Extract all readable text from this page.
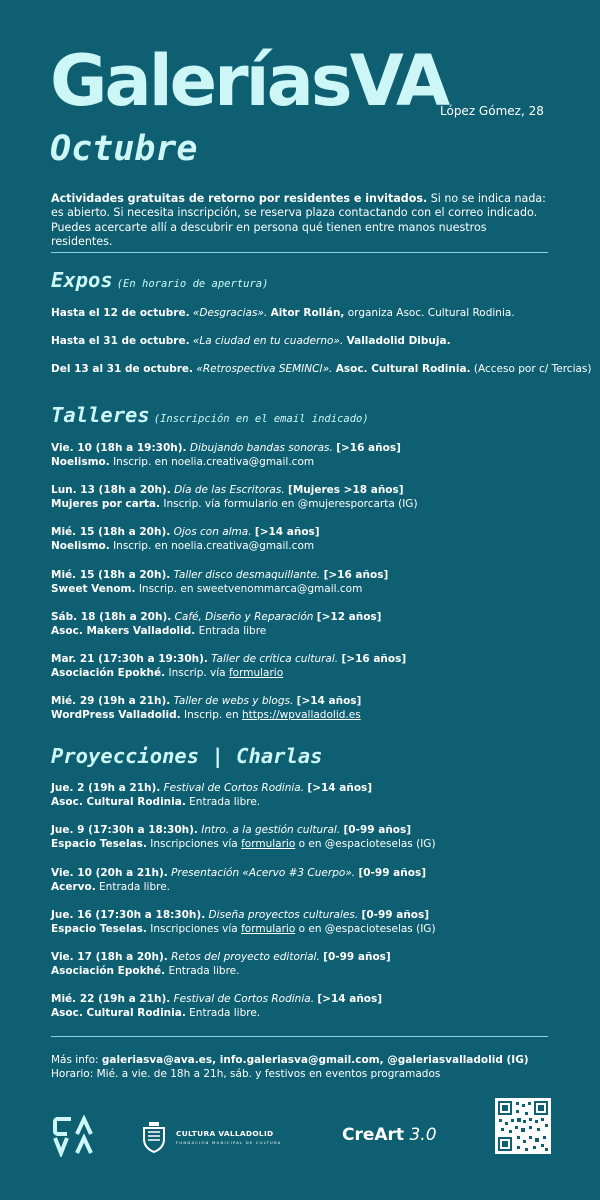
GaleríasVA
López Gómez, 28
Octubre
Actividades gratuitas de retorno por residentes e invitados. Si no se indica nada: es abierto. Si necesita inscripción, se reserva plaza contactando con el correo indicado. Puedes acercarte allí a descubrir en persona qué tienen entre manos nuestros residentes.
Expos (En horario de apertura)
Hasta el 12 de octubre. «Desgracias». Aitor Rollán, organiza Asoc. Cultural Rodinia.
Hasta el 31 de octubre. «La ciudad en tu cuaderno». Valladolid Dibuja.
Del 13 al 31 de octubre. «Retrospectiva SEMINCI». Asoc. Cultural Rodinia. (Acceso por c/ Tercias)
Talleres (Inscripción en el email indicado)
Vie. 10 (18h a 19:30h). Dibujando bandas sonoras. [>16 años]
Noelismo. Inscrip. en noelia.creativa@gmail.com
Lun. 13 (18h a 20h). Día de las Escritoras. [Mujeres >18 años]
Mujeres por carta. Inscrip. vía formulario en @mujeresporcarta (IG)
Mié. 15 (18h a 20h). Ojos con alma. [>14 años]
Noelismo. Inscrip. en noelia.creativa@gmail.com
Mié. 15 (18h a 20h). Taller disco desmaquillante. [>16 años]
Sweet Venom. Inscrip. en sweetvenommarca@gmail.com
Sáb. 18 (18h a 20h). Café, Diseño y Reparación [>12 años]
Asoc. Makers Valladolid. Entrada libre
Mar. 21 (17:30h a 19:30h). Taller de crítica cultural. [>16 años]
Asociación Epokhé. Inscrip. vía formulario
Mié. 29 (19h a 21h). Taller de webs y blogs. [>14 años]
WordPress Valladolid. Inscrip. en https://wpvalladolid.es
Proyecciones | Charlas
Jue. 2 (19h a 21h). Festival de Cortos Rodinia. [>14 años]
Asoc. Cultural Rodinia. Entrada libre.
Jue. 9 (17:30h a 18:30h). Intro. a la gestión cultural. [0-99 años]
Espacio Teselas. Inscripciones vía formulario o en @espacioteselas (IG)
Vie. 10 (20h a 21h). Presentación «Acervo #3 Cuerpo». [0-99 años]
Acervo. Entrada libre.
Jue. 16 (17:30h a 18:30h). Diseña proyectos culturales. [0-99 años]
Espacio Teselas. Inscripciones vía formulario o en @espacioteselas (IG)
Vie. 17 (18h a 20h). Retos del proyecto editorial. [0-99 años]
Asociación Epokhé. Entrada libre.
Mié. 22 (19h a 21h). Festival de Cortos Rodinia. [>14 años]
Asoc. Cultural Rodinia. Entrada libre.
Más info: galeriasva@ava.es, info.galeriasva@gmail.com, @galeriasvalladolid (IG)
Horario: Mié. a vie. de 18h a 21h, sáb. y festivos en eventos programados
CULTURA VALLADOLID
FUNDACIÓN MUNICIPAL DE CULTURA	CreArt 3.0
